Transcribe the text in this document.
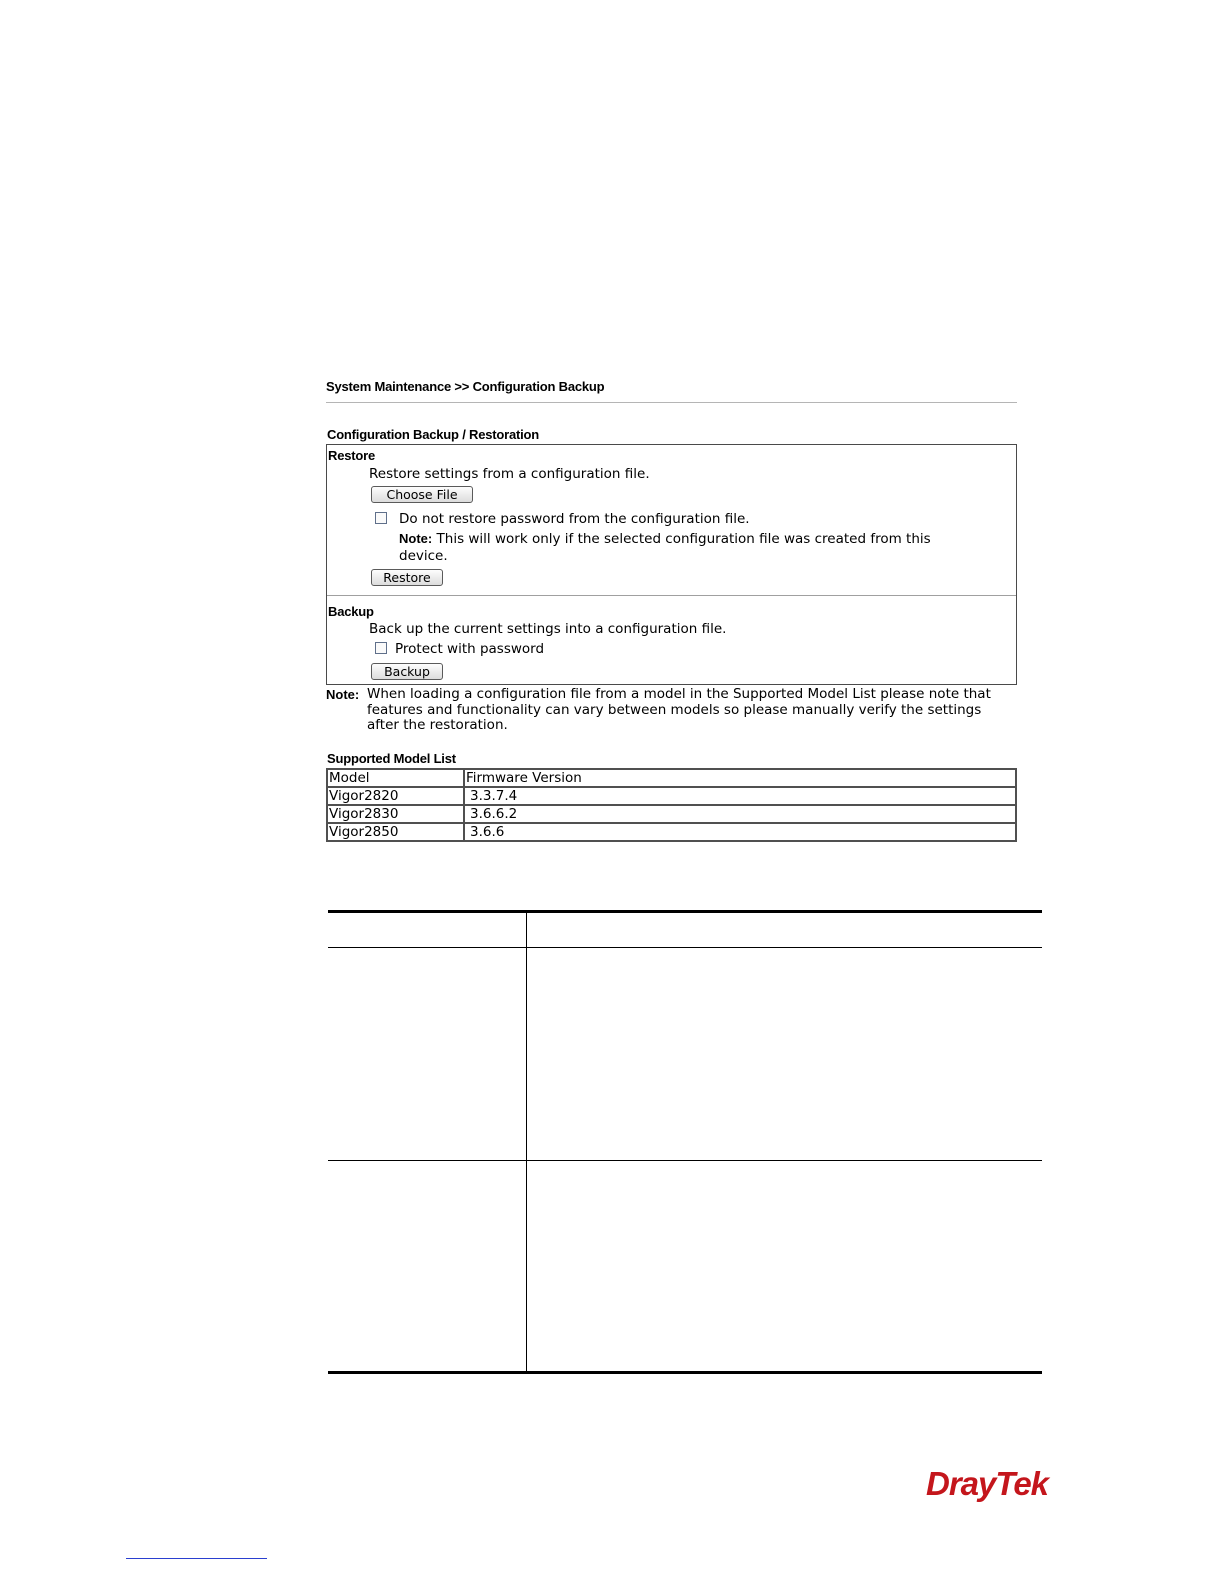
System Maintenance >> Configuration Backup
Configuration Backup / Restoration
Restore
Restore settings from a configuration file.
Choose File
Do not restore password from the configuration file.
Note: This will work only if the selected configuration file was created from this
device.
Restore
Backup
Back up the current settings into a configuration file.
Protect with password
Backup
Note: When loading a configuration file from a model in the Supported Model List please note that features and functionality can vary between models so please manually verify the settings after the restoration.
Supported Model List
Model	Firmware Version
Vigor2820	3.3.7.4
Vigor2830	3.6.6.2
Vigor2850	3.6.6
DrayTek
